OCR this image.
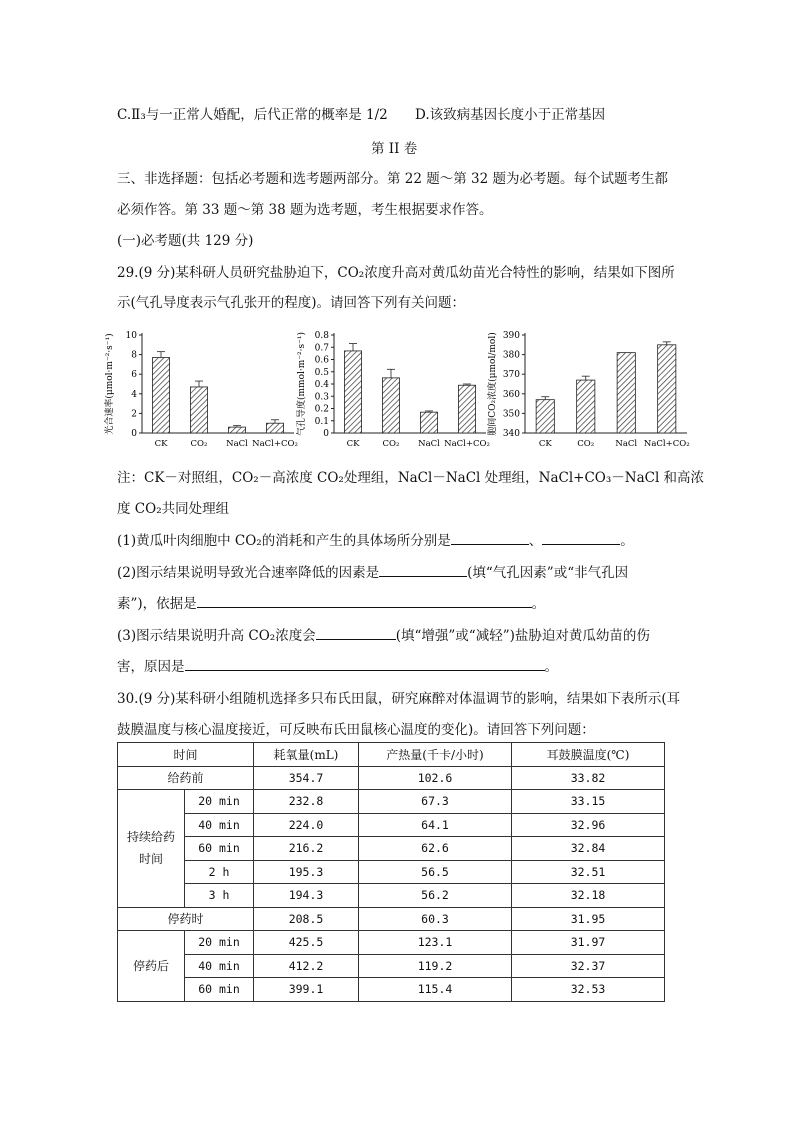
C.Ⅱ₃与一正常人婚配，后代正常的概率是 1/2 D.该致病基因长度小于正常基因
第 II 卷
三、非选择题：包括必考题和选考题两部分。第 22 题～第 32 题为必考题。每个试题考生都
必须作答。第 33 题～第 38 题为选考题，考生根据要求作答。
(一)必考题(共 129 分)
29.(9 分)某科研人员研究盐胁迫下，CO₂浓度升高对黄瓜幼苗光合特性的影响，结果如下图所
示(气孔导度表示气孔张开的程度)。请回答下列有关问题：
光合速率(μmol·m⁻²·s⁻¹) 0
2
4
6
8
10
CK	CO₂ NaCl NaCl+CO₂
气孔导度(mmol·m⁻²·s⁻¹) 0
0.1
0.2
0.3
0.4
0.5
0.6
0.7
0.8
CK	CO₂ NaCl NaCl+CO₂
胞间CO₂浓度(μmol/mol) 340
350
360
370
380
390
CK	CO₂ NaCl NaCl+CO₂
注：CK－对照组，CO₂－高浓度 CO₂处理组，NaCl－NaCl 处理组，NaCl+CO₃－NaCl 和高浓
度 CO₂共同处理组
(1)黄瓜叶肉细胞中 CO₂的消耗和产生的具体场所分别是	、	。
(2)图示结果说明导致光合速率降低的因素是	(填“气孔因素”或“非气孔因
素”)，依据是	。
(3)图示结果说明升高 CO₂浓度会	(填“增强”或“减轻”)盐胁迫对黄瓜幼苗的伤
害，原因是	。
30.(9 分)某科研小组随机选择多只布氏田鼠，研究麻醉对体温调节的影响，结果如下表所示(耳
鼓膜温度与核心温度接近，可反映布氏田鼠核心温度的变化)。请回答下列问题：
时间		耗氧量(mL)	产热量(千卡/小时)	耳鼓膜温度(℃)
给药前		354.7	102.6	33.82

持续给药时间	20 min	232.8	67.3	33.15
	40 min	224.0	64.1	32.96
	60 min	216.2	62.6	32.84
	2 h	195.3	56.5	32.51
	3 h	194.3	56.2	32.18
停药时		208.5	60.3	31.95
停药后	20 min	425.5	123.1	31.97
	40 min	412.2	119.2	32.37
	60 min	399.1	115.4	32.53
